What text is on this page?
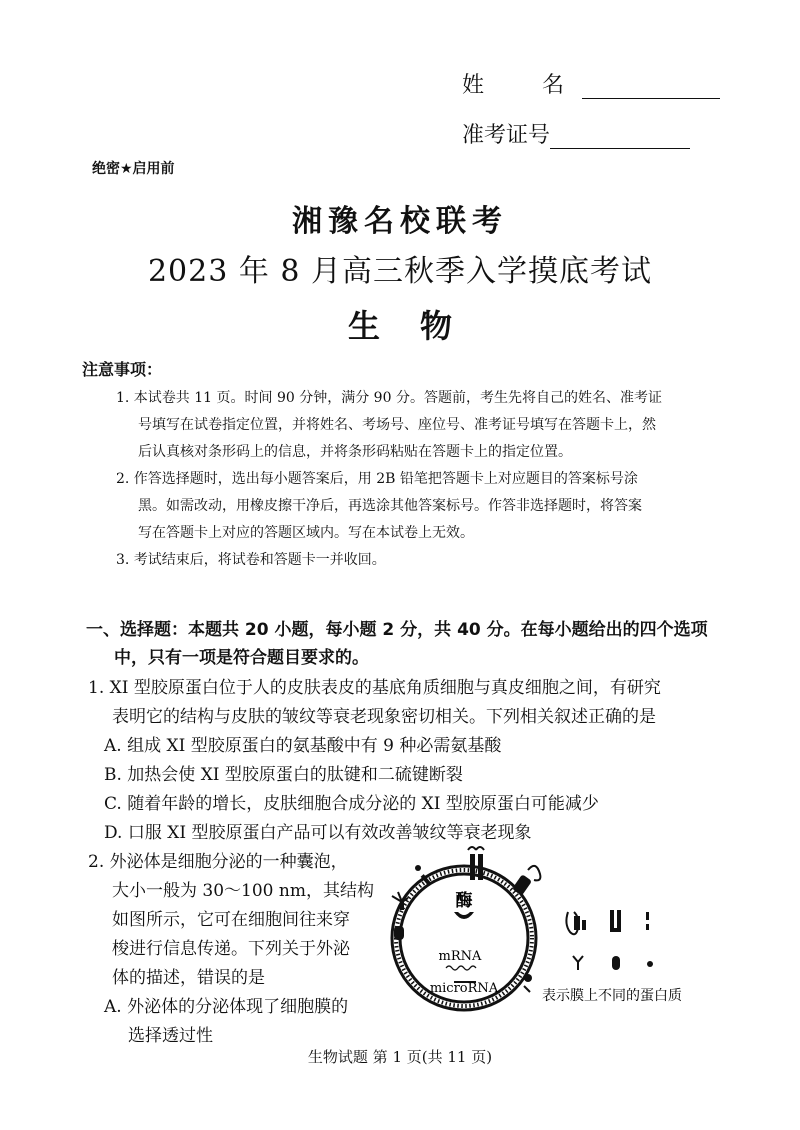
姓　名
准考证号
绝密★启用前
湘豫名校联考
2023 年 8 月高三秋季入学摸底考试
生物
注意事项：

1. 本试卷共 11 页。时间 90 分钟，满分 90 分。答题前，考生先将自己的姓名、准考证

号填写在试卷指定位置，并将姓名、考场号、座位号、准考证号填写在答题卡上，然

后认真核对条形码上的信息，并将条形码粘贴在答题卡上的指定位置。

2. 作答选择题时，选出每小题答案后，用 2B 铅笔把答题卡上对应题目的答案标号涂

黑。如需改动，用橡皮擦干净后，再选涂其他答案标号。作答非选择题时，将答案

写在答题卡上对应的答题区域内。写在本试卷上无效。

3. 考试结束后，将试卷和答题卡一并收回。

一、选择题：本题共 20 小题，每小题 2 分，共 40 分。在每小题给出的四个选项
中，只有一项是符合题目要求的。

1. XI 型胶原蛋白位于人的皮肤表皮的基底角质细胞与真皮细胞之间，有研究

表明它的结构与皮肤的皱纹等衰老现象密切相关。下列相关叙述正确的是

A. 组成 XI 型胶原蛋白的氨基酸中有 9 种必需氨基酸

B. 加热会使 XI 型胶原蛋白的肽键和二硫键断裂

C. 随着年龄的增长，皮肤细胞合成分泌的 XI 型胶原蛋白可能减少

D. 口服 XI 型胶原蛋白产品可以有效改善皱纹等衰老现象

2. 外泌体是细胞分泌的一种囊泡，

大小一般为 30～100 nm，其结构

如图所示，它可在细胞间往来穿

梭进行信息传递。下列关于外泌

体的描述，错误的是

A. 外泌体的分泌体现了细胞膜的

选择透过性

酶
mRNA
microRNA	表示膜上不同的蛋白质
生物试题 第 1 页(共 11 页)
